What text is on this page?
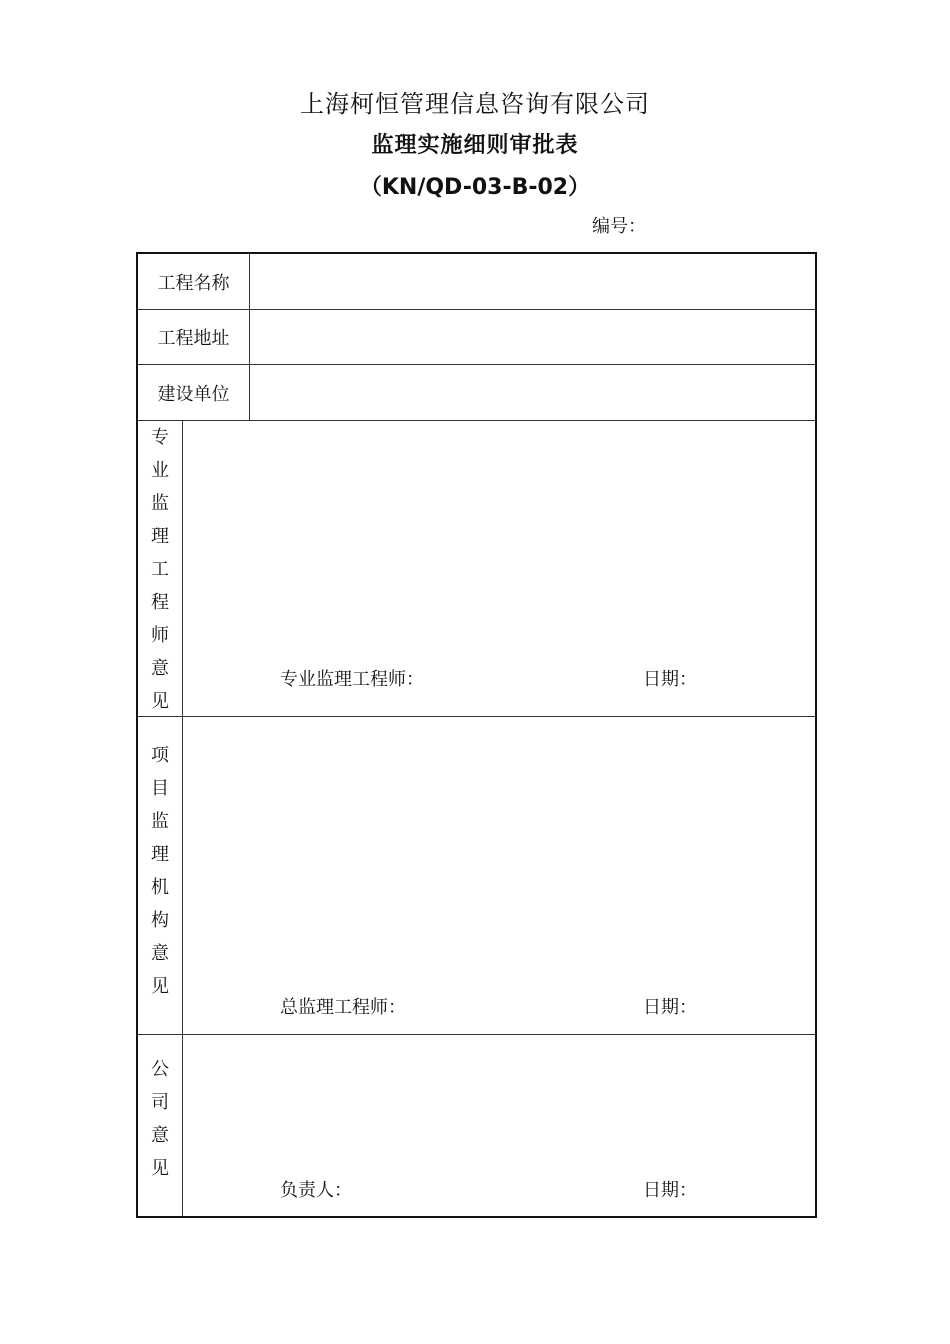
上海柯恒管理信息咨询有限公司
监理实施细则审批表
（KN/QD-03-B-02）
编号：
工程名称
工程地址
建设单位
专业监理工程师意见
专业监理工程师：	日期：
项目监理机构意见
总监理工程师：	日期：
公司意见
负责人：	日期：
